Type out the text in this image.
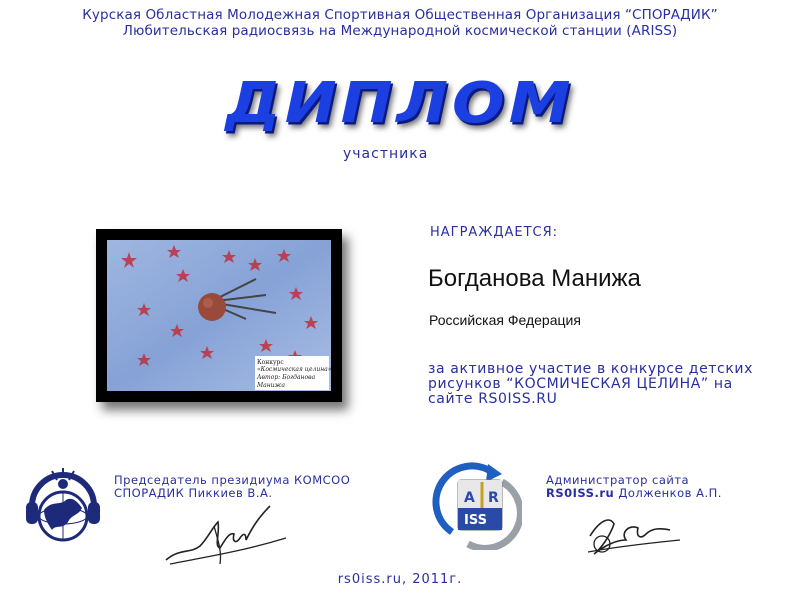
Курская Областная Молодежная Спортивная Общественная Организация “СПОРАДИК”
Любительская радиосвязь на Международной космической станции (ARISS)
ДИПЛОМ
участника
Конкурс
«Космическая целина»
Автор: Богданова
Манижа
НАГРАЖДАЕТСЯ:
Богданова Манижа
Российская Федерация
за активное участие в конкурсе детских рисунков “КОСМИЧЕСКАЯ ЦЕЛИНА” на сайте RS0ISS.RU
Председатель президиума КОМСОО
СПОРАДИК Пиккиев В.А.	A R
ISS
Администратор сайта
RS0ISS.ru Долженков А.П.
rs0iss.ru, 2011г.
